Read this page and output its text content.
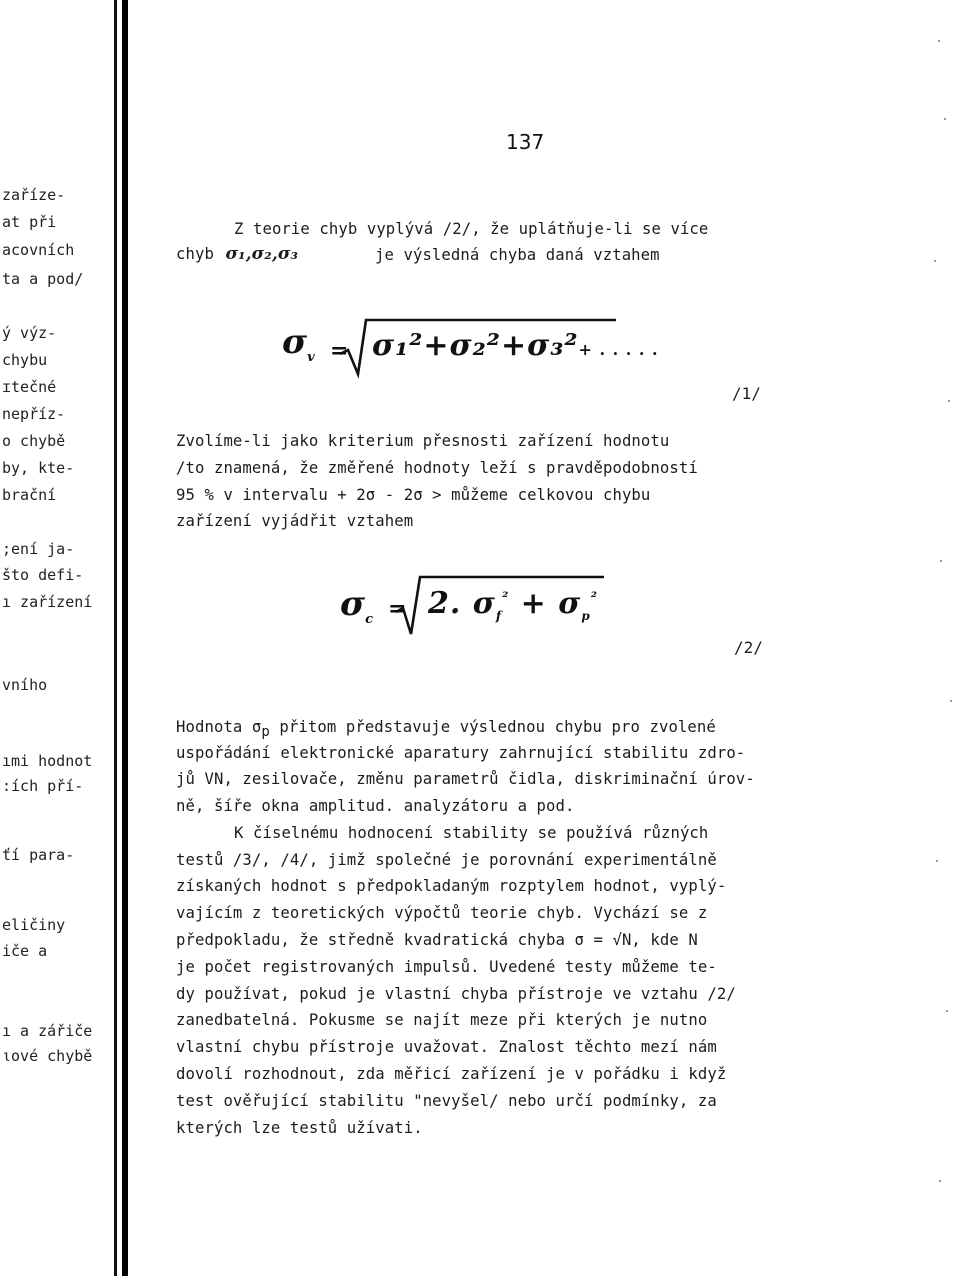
zařízе-
at při
acovních
ta a pod/
ý výz-
chybu
ɪtečné
nepříz-
o chybě
by, kte-
brační
;ení ja-
što defi-
ı zařízení
vního
ımi hodnot
:ích pří-
ťí para-
eličiny
iče a
ı a zářiče
ιové chybě
137
Z teorie chyb vyplývá /2/, že uplátňuje-li se více
chyb σ₁,σ₂,σ₃	je výsledná chyba daná vztahem
$\sigma_v = \sigma_1^2+\sigma_2^2+\sigma_3^2+$ . . . . .
/1/
Zvolíme-li jako kriterium přesnosti zařízení hodnotu
/to znamená, že změřené hodnoty leží s pravděpodobností
95 % v intervalu + 2σ - 2σ > můžeme celkovou chybu
zařízení vyjádřit vztahem
$\sigma_c = 2$. $\sigma_f^{^2} + \sigma_p^{^2}$
/2/
Hodnota $\sigma_p$ přitom představuje výslednou chybu pro zvolené
uspořádání elektronické aparatury zahrnující stabilitu zdro-
jů VN, zesilovače, změnu parametrů čidla, diskriminační úrov-
ně, šíře okna amplitud. analyzátoru a pod.
K číselnému hodnocení stability se používá různých
testů /3/, /4/, jimž společné je porovnání experimentálně
získaných hodnot s předpokladaným rozptylem hodnot, vyplý-
vajícím z teoretických výpočtů teorie chyb. Vychází se z
předpokladu, že středně kvadratická chyba σ = √N, kde N
je počet registrovaných impulsů. Uvedené testy můžeme te-
dy používat, pokud je vlastní chyba přístroje ve vztahu /2/
zanedbatelná. Pokusme se najít meze při kterých je nutno
vlastní chybu přístroje uvažovat. Znalost těchto mezí nám
dovolí rozhodnout, zda měřicí zařízení je v pořádku i když
test ověřující stabilitu "nevyšel/ nebo určí podmínky, za
kterých lze testů užívati.
